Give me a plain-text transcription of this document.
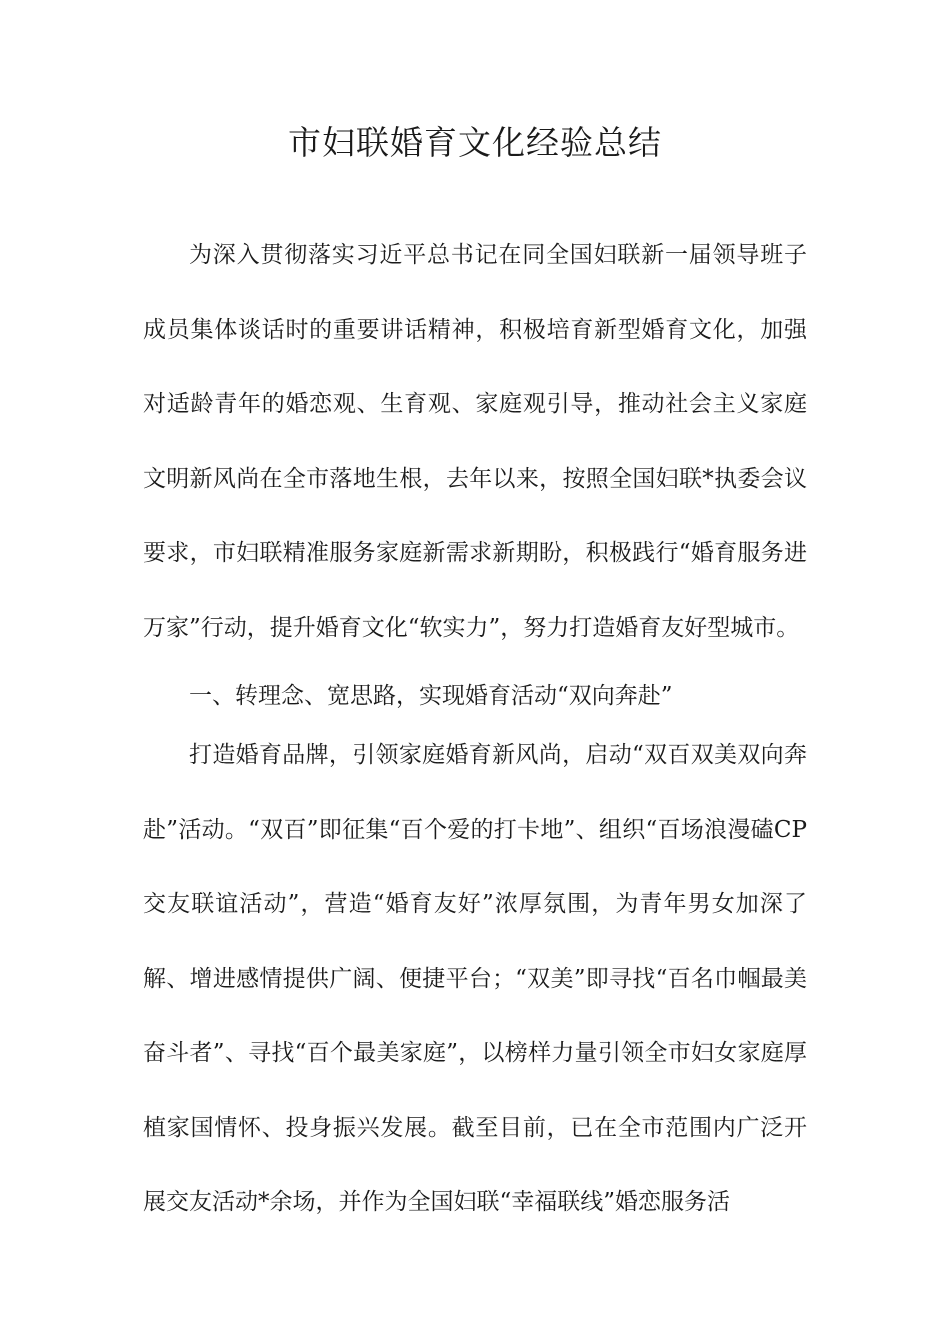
市妇联婚育文化经验总结

为深入贯彻落实习近平总书记在同全国妇联新一届领导班子成员集体谈话时的重要讲话精神，积极培育新型婚育文化，加强对适龄青年的婚恋观、生育观、家庭观引导，推动社会主义家庭文明新风尚在全市落地生根，去年以来，按照全国妇联*执委会议要求，市妇联精准服务家庭新需求新期盼，积极践行“婚育服务进万家”行动，提升婚育文化“软实力”，努力打造婚育友好型城市。

一、转理念、宽思路，实现婚育活动“双向奔赴”

打造婚育品牌，引领家庭婚育新风尚，启动“双百双美双向奔赴”活动。“双百”即征集“百个爱的打卡地”、组织“百场浪漫磕CP交友联谊活动”，营造“婚育友好”浓厚氛围，为青年男女加深了解、增进感情提供广阔、便捷平台；“双美”即寻找“百名巾帼最美奋斗者”、寻找“百个最美家庭”，以榜样力量引领全市妇女家庭厚植家国情怀、投身振兴发展。截至目前，已在全市范围内广泛开展交友活动*余场，并作为全国妇联“幸福联线”婚恋服务活
